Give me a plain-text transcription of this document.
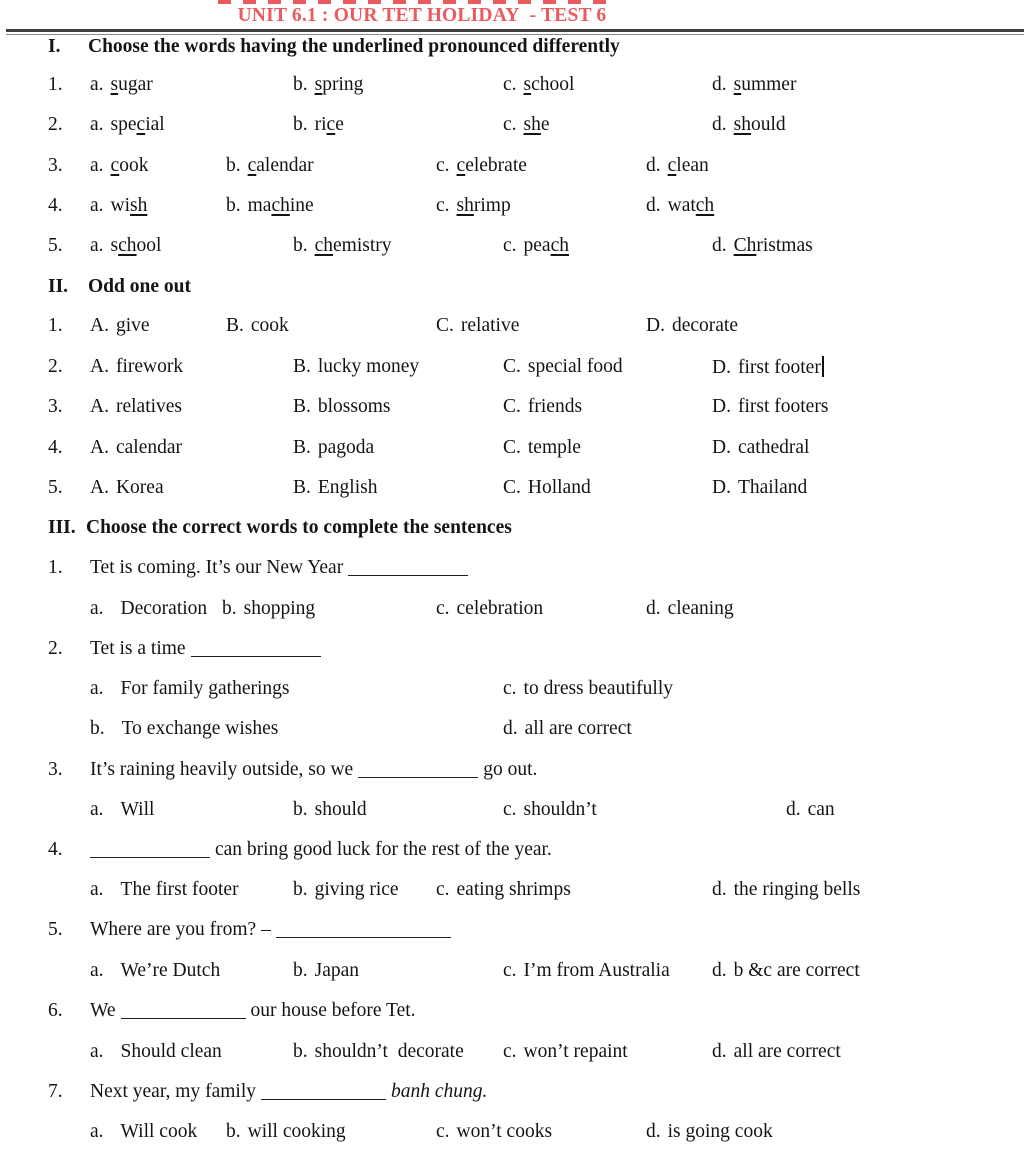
UNIT 6.1 : OUR TET HOLIDAY  - TEST 6
I. Choose the words having the underlined pronounced differently
1. a. sugar	b. spring	c. school	d. summer
2. a. special	b. rice	c. she	d. should
3. a. cook	b. calendar	c. celebrate	d. clean
4. a. wish	b. machine	c. shrimp	d. watch
5. a. school	b. chemistry	c. peach	d. Christmas
II. Odd one out
1. A. give	B. cook	C. relative	D. decorate
2. A. firework	B. lucky money	C. special food	D. first footer
3. A. relatives	B. blossoms	C. friends	D. first footers
4. A. calendar	B. pagoda	C. temple	D. cathedral
5. A. Korea	B. English	C. Holland	D. Thailand
III. Choose the correct words to complete the sentences
1. Tet is coming. It’s our New Year
a. Decoration b. shopping	c. celebration	d. cleaning
2. Tet is a time
a. For family gatherings	c. to dress beautifully
b. To exchange wishes	d. all are correct
3. It’s raining heavily outside, so we	go out.
a. Will	b. should	c. shouldn’t	d. can
4.	can bring good luck for the rest of the year.
a. The first footer	b. giving rice c. eating shrimps	d. the ringing bells
5. Where are you from? –
a. We’re Dutch	b. Japan	c. I’m from Australia d. b &c are correct
6. We	our house before Tet.
a. Should clean	b. shouldn’t  decorate c. won’t repaint	d. all are correct
7. Next year, my family	banh chung.
a. Will cook b. will cooking	c. won’t cooks	d. is going cook
